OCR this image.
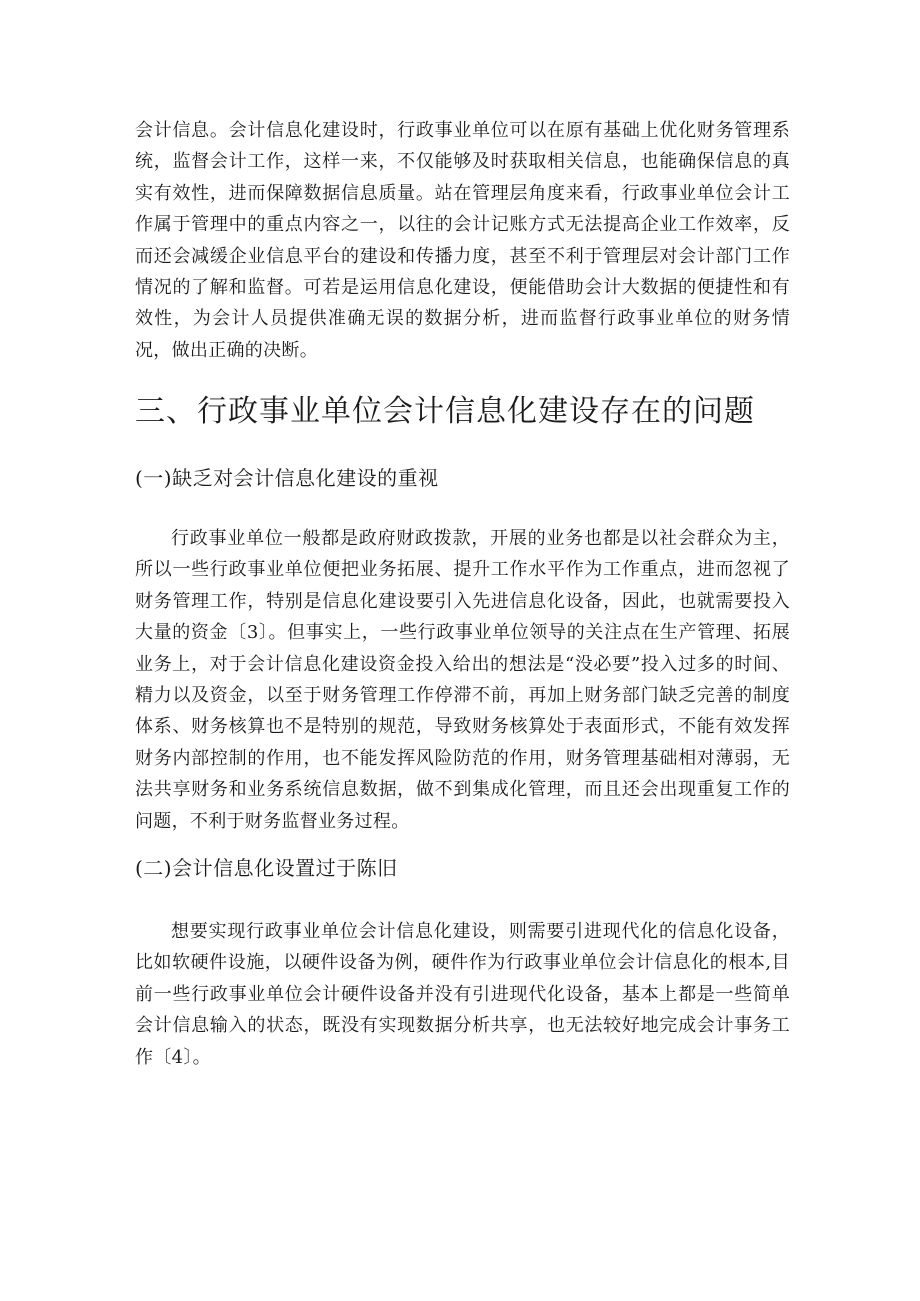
会计信息。会计信息化建设时，行政事业单位可以在原有基础上优化财务管理系统，监督会计工作，这样一来，不仅能够及时获取相关信息，也能确保信息的真实有效性，进而保障数据信息质量。站在管理层角度来看，行政事业单位会计工作属于管理中的重点内容之一，以往的会计记账方式无法提高企业工作效率，反而还会减缓企业信息平台的建设和传播力度，甚至不利于管理层对会计部门工作情况的了解和监督。可若是运用信息化建设，便能借助会计大数据的便捷性和有效性，为会计人员提供准确无误的数据分析，进而监督行政事业单位的财务情况，做出正确的决断。

三、行政事业单位会计信息化建设存在的问题
(一)缺乏对会计信息化建设的重视

行政事业单位一般都是政府财政拨款，开展的业务也都是以社会群众为主，所以一些行政事业单位便把业务拓展、提升工作水平作为工作重点，进而忽视了财务管理工作，特别是信息化建设要引入先进信息化设备，因此，也就需要投入大量的资金〔3〕。但事实上，一些行政事业单位领导的关注点在生产管理、拓展业务上，对于会计信息化建设资金投入给出的想法是“没必要”投入过多的时间、精力以及资金，以至于财务管理工作停滞不前，再加上财务部门缺乏完善的制度体系、财务核算也不是特别的规范，导致财务核算处于表面形式，不能有效发挥财务内部控制的作用，也不能发挥风险防范的作用，财务管理基础相对薄弱，无法共享财务和业务系统信息数据，做不到集成化管理，而且还会出现重复工作的问题，不利于财务监督业务过程。

(二)会计信息化设置过于陈旧

想要实现行政事业单位会计信息化建设，则需要引进现代化的信息化设备，比如软硬件设施，以硬件设备为例，硬件作为行政事业单位会计信息化的根本,目前一些行政事业单位会计硬件设备并没有引进现代化设备，基本上都是一些简单会计信息输入的状态，既没有实现数据分析共享，也无法较好地完成会计事务工作〔4〕。
